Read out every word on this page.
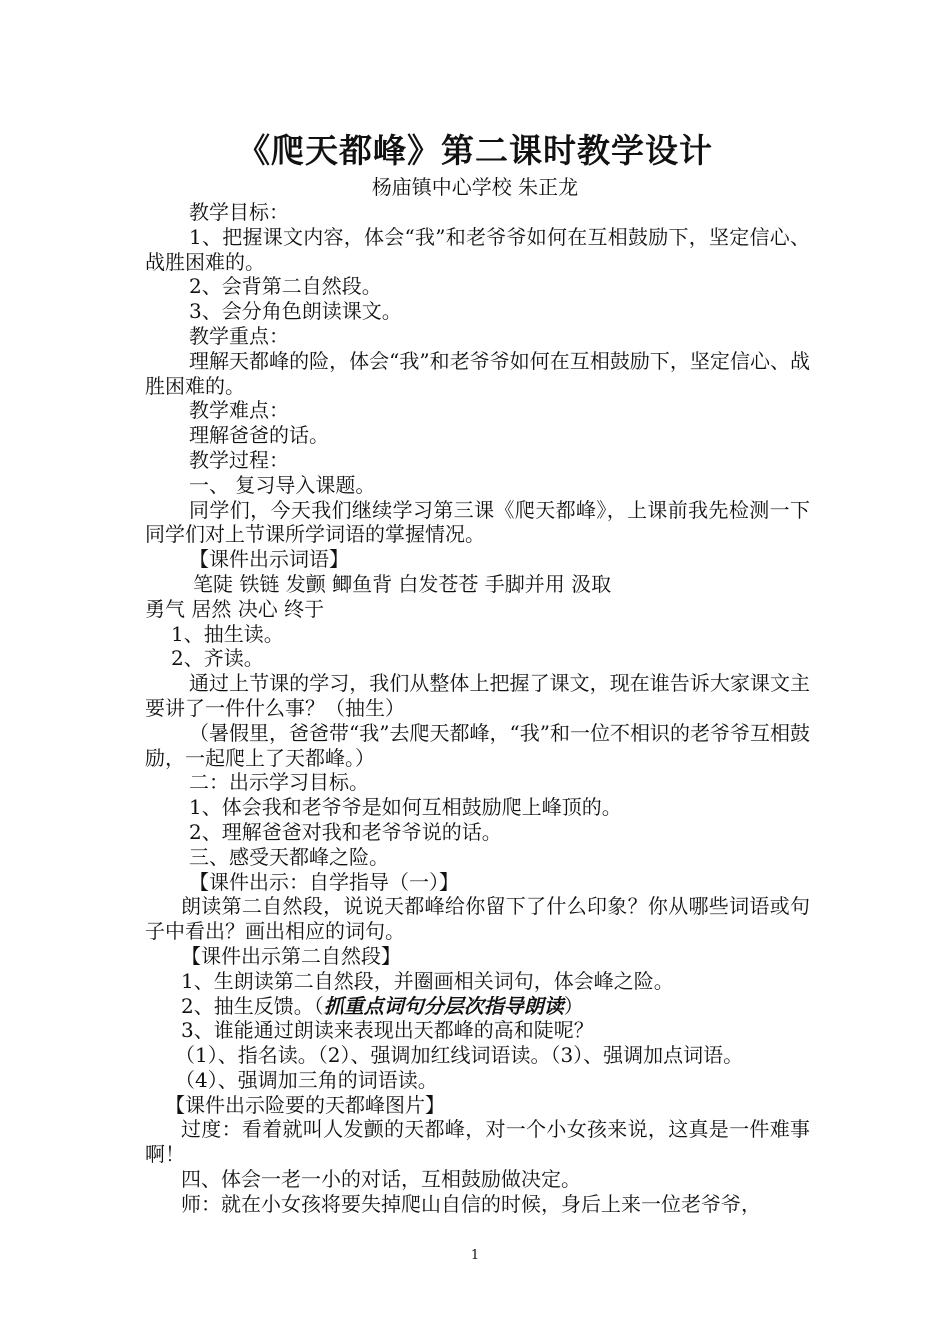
《爬天都峰》第二课时教学设计
杨庙镇中心学校 朱正龙

教学目标：

1、把握课文内容，体会“我”和老爷爷如何在互相鼓励下，坚定信心、战胜困难的。

2、会背第二自然段。

3、会分角色朗读课文。

教学重点：

理解天都峰的险，体会“我”和老爷爷如何在互相鼓励下，坚定信心、战胜困难的。

教学难点：

理解爸爸的话。

教学过程：

一、 复习导入课题。

同学们，今天我们继续学习第三课《爬天都峰》，上课前我先检测一下同学们对上节课所学词语的掌握情况。

【课件出示词语】

笔陡 铁链 发颤 鲫鱼背 白发苍苍 手脚并用 汲取

勇气 居然 决心 终于

1、抽生读。

2、齐读。

通过上节课的学习，我们从整体上把握了课文，现在谁告诉大家课文主要讲了一件什么事？（抽生）

（暑假里，爸爸带“我”去爬天都峰，“我”和一位不相识的老爷爷互相鼓励，一起爬上了天都峰。）

二：出示学习目标。

1、体会我和老爷爷是如何互相鼓励爬上峰顶的。

2、理解爸爸对我和老爷爷说的话。

三、感受天都峰之险。

【课件出示：自学指导（一）】

朗读第二自然段，说说天都峰给你留下了什么印象？你从哪些词语或句子中看出？画出相应的词句。

【课件出示第二自然段】

1、生朗读第二自然段，并圈画相关词句，体会峰之险。

2、抽生反馈。（抓重点词句分层次指导朗读）

3、谁能通过朗读来表现出天都峰的高和陡呢？

（1）、指名读。（2）、强调加红线词语读。（3）、强调加点词语。

（4）、强调加三角的词语读。

【课件出示险要的天都峰图片】

过度：看着就叫人发颤的天都峰，对一个小女孩来说，这真是一件难事啊！

四、体会一老一小的对话，互相鼓励做决定。

师：就在小女孩将要失掉爬山自信的时候，身后上来一位老爷爷，

1
